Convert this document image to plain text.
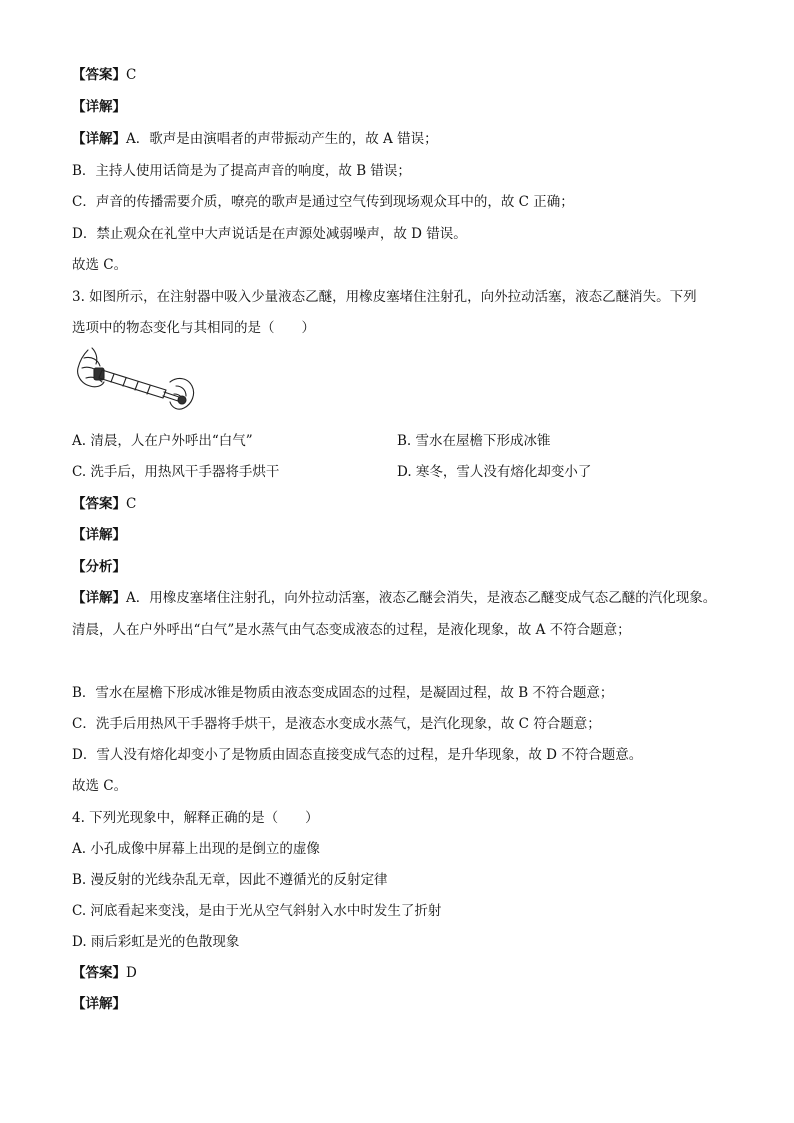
【答案】C
【详解】
【详解】A．歌声是由演唱者的声带振动产生的，故 A 错误；
B．主持人使用话筒是为了提高声音的响度，故 B 错误；
C．声音的传播需要介质，嘹亮的歌声是通过空气传到现场观众耳中的，故 C 正确；
D．禁止观众在礼堂中大声说话是在声源处减弱噪声，故 D 错误。
故选 C。
3. 如图所示，在注射器中吸入少量液态乙醚，用橡皮塞堵住注射孔，向外拉动活塞，液态乙醚消失。下列
选项中的物态变化与其相同的是（　　）
A. 清晨，人在户外呼出“白气”	B. 雪水在屋檐下形成冰锥
C. 洗手后，用热风干手器将手烘干	D. 寒冬，雪人没有熔化却变小了
【答案】C
【详解】
【分析】
【详解】A．用橡皮塞堵住注射孔，向外拉动活塞，液态乙醚会消失，是液态乙醚变成气态乙醚的汽化现象。
清晨，人在户外呼出“白气”是水蒸气由气态变成液态的过程，是液化现象，故 A 不符合题意；
B．雪水在屋檐下形成冰锥是物质由液态变成固态的过程，是凝固过程，故 B 不符合题意；
C．洗手后用热风干手器将手烘干，是液态水变成水蒸气，是汽化现象，故 C 符合题意；
D．雪人没有熔化却变小了是物质由固态直接变成气态的过程，是升华现象，故 D 不符合题意。
故选 C。
4. 下列光现象中，解释正确的是（　　）
A. 小孔成像中屏幕上出现的是倒立的虚像
B. 漫反射的光线杂乱无章，因此不遵循光的反射定律
C. 河底看起来变浅，是由于光从空气斜射入水中时发生了折射
D. 雨后彩虹是光的色散现象
【答案】D
【详解】
